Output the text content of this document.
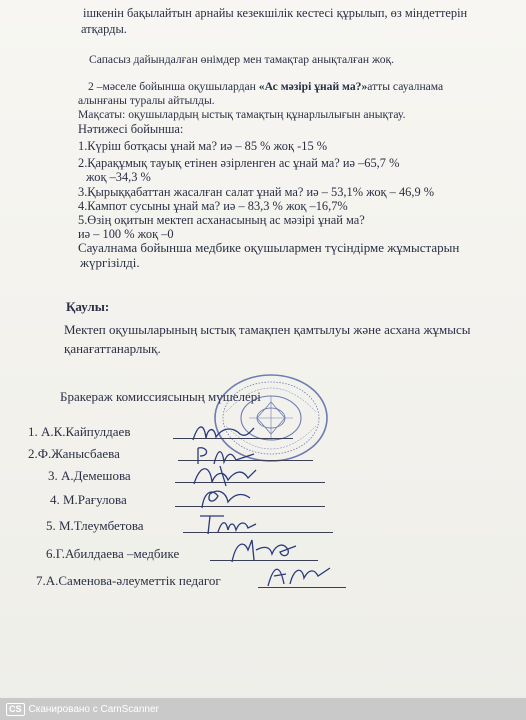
ішкенін бақылайтын арнайы кезекшілік кестесі құрылып, өз міндеттерін
атқарды.
Сапасыз дайындалған өнімдер мен тамақтар анықталған жоқ.
2 –мәселе бойынша оқушылардан «Ас мәзірі ұнай ма?»атты сауалнама
алынғаны туралы айтылды.
Мақсаты: оқушылардың ыстық тамақтың құнарлылығын анықтау.
Нәтижесі бойынша:
1.Күріш ботқасы ұнай ма? иә – 85 % жоқ -15 %
2.Қарақұмық тауық етінен әзірленген ас ұнай ма? иә –65,7 %
жоқ –34,3 %
3.Қырыққабаттан жасалған салат ұнай ма? иә – 53,1% жоқ – 46,9 %
4.Кампот сусыны ұнай ма? иә – 83,3 % жоқ –16,7%
5.Өзің оқитын мектеп асханасының ас мәзірі ұнай ма?
иә – 100 % жоқ –0
Сауалнама бойынша медбике оқушылармен түсіндірме жұмыстарын
жүргізілді.
Қаулы:
Мектеп оқушыларының ыстық тамақпен қамтылуы және асхана жұмысы
қанағаттанарлық.
Бракераж комиссиясының мүшелері
1. А.К.Кайпулдаев
2.Ф.Жанысбаева
3. А.Демешова
4. М.Рағулова
5. М.Тлеумбетова
6.Г.Абилдаева –медбике
7.А.Саменова-әлеуметтік педагог
CS Сканировано с CamScanner
